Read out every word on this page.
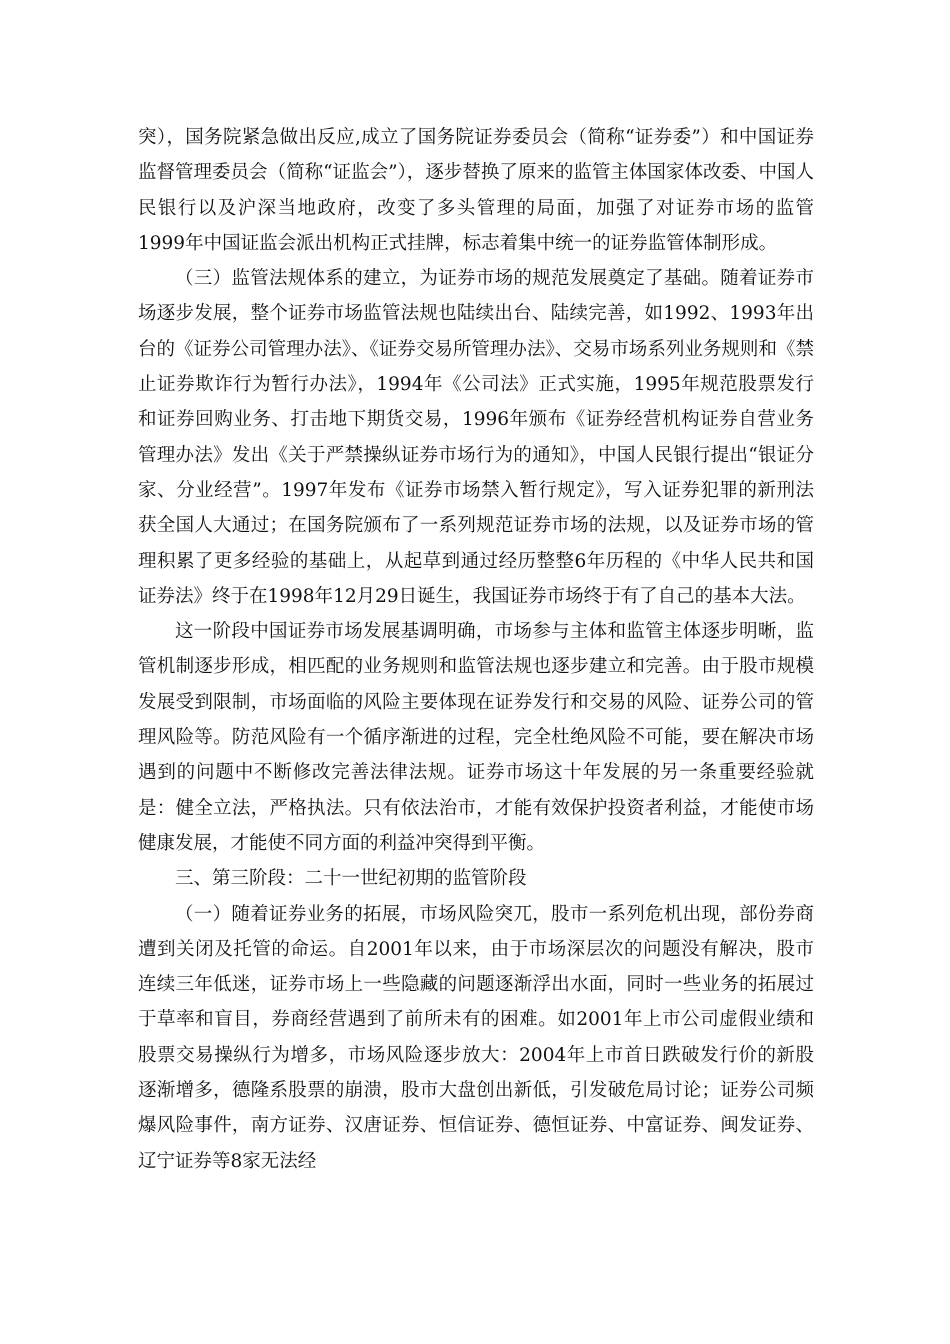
突），国务院紧急做出反应,成立了国务院证券委员会（简称“证券委”）和中国证券监督管理委员会（简称“证监会”），逐步替换了原来的监管主体国家体改委、中国人民银行以及沪深当地政府，改变了多头管理的局面，加强了对证券市场的监管1999年中国证监会派出机构正式挂牌，标志着集中统一的证券监管体制形成。

（三）监管法规体系的建立，为证券市场的规范发展奠定了基础。随着证券市场逐步发展，整个证券市场监管法规也陆续出台、陆续完善，如1992、1993年出台的《证券公司管理办法》、《证券交易所管理办法》、交易市场系列业务规则和《禁止证券欺诈行为暂行办法》，1994年《公司法》正式实施，1995年规范股票发行和证券回购业务、打击地下期货交易，1996年颁布《证券经营机构证券自营业务管理办法》发出《关于严禁操纵证券市场行为的通知》，中国人民银行提出“银证分家、分业经营”。1997年发布《证券市场禁入暂行规定》，写入证券犯罪的新刑法获全国人大通过；在国务院颁布了一系列规范证券市场的法规，以及证券市场的管理积累了更多经验的基础上，从起草到通过经历整整6年历程的《中华人民共和国证券法》终于在1998年12月29日诞生，我国证券市场终于有了自己的基本大法。

这一阶段中国证券市场发展基调明确，市场参与主体和监管主体逐步明晰，监管机制逐步形成，相匹配的业务规则和监管法规也逐步建立和完善。由于股市规模发展受到限制，市场面临的风险主要体现在证券发行和交易的风险、证券公司的管理风险等。防范风险有一个循序渐进的过程，完全杜绝风险不可能，要在解决市场遇到的问题中不断修改完善法律法规。证券市场这十年发展的另一条重要经验就是：健全立法，严格执法。只有依法治市，才能有效保护投资者利益，才能使市场健康发展，才能使不同方面的利益冲突得到平衡。

三、第三阶段：二十一世纪初期的监管阶段

（一）随着证券业务的拓展，市场风险突兀，股市一系列危机出现，部份券商遭到关闭及托管的命运。自2001年以来，由于市场深层次的问题没有解决，股市连续三年低迷，证券市场上一些隐藏的问题逐渐浮出水面，同时一些业务的拓展过于草率和盲目，券商经营遇到了前所未有的困难。如2001年上市公司虚假业绩和股票交易操纵行为增多，市场风险逐步放大：2004年上市首日跌破发行价的新股逐渐增多，德隆系股票的崩溃，股市大盘创出新低，引发破危局讨论；证券公司频爆风险事件，南方证券、汉唐证券、恒信证券、德恒证券、中富证券、闽发证券、辽宁证券等8家无法经
